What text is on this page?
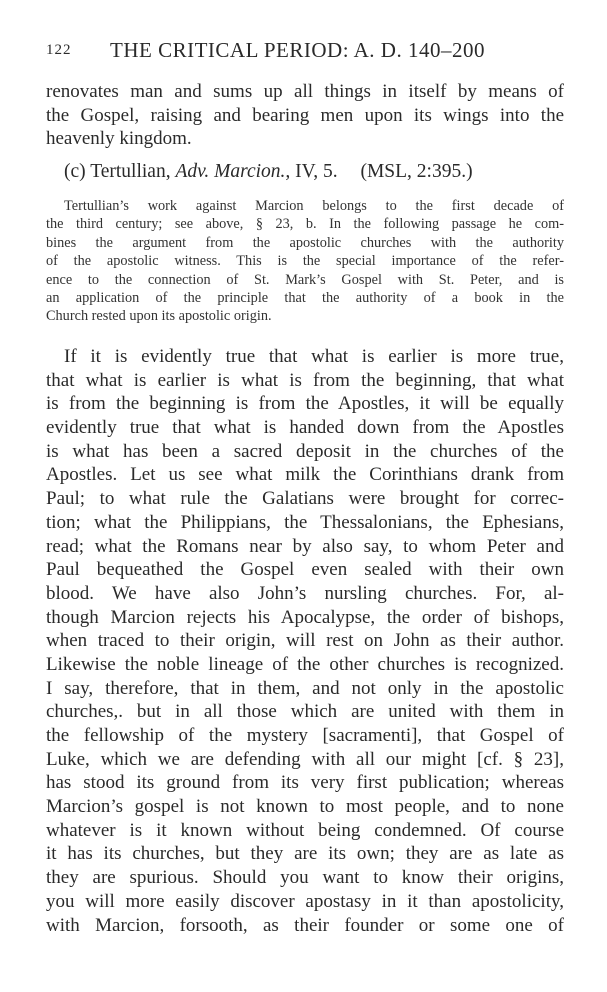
122 THE CRITICAL PERIOD: A. D. 140–200
renovates man and sums up all things in itself by means of
the Gospel, raising and bearing men upon its wings into the
heavenly kingdom.
(c) Tertullian, Adv. Marcion., IV, 5. (MSL, 2:395.)
Tertullian’s work against Marcion belongs to the first decade of
the third century; see above, § 23, b. In the following passage he com-
bines the argument from the apostolic churches with the authority
of the apostolic witness. This is the special importance of the refer-
ence to the connection of St. Mark’s Gospel with St. Peter, and is
an application of the principle that the authority of a book in the
Church rested upon its apostolic origin.
If it is evidently true that what is earlier is more true,
that what is earlier is what is from the beginning, that what
is from the beginning is from the Apostles, it will be equally
evidently true that what is handed down from the Apostles
is what has been a sacred deposit in the churches of the
Apostles. Let us see what milk the Corinthians drank from
Paul; to what rule the Galatians were brought for correc-
tion; what the Philippians, the Thessalonians, the Ephesians,
read; what the Romans near by also say, to whom Peter and
Paul bequeathed the Gospel even sealed with their own
blood. We have also John’s nursling churches. For, al-
though Marcion rejects his Apocalypse, the order of bishops,
when traced to their origin, will rest on John as their author.
Likewise the noble lineage of the other churches is recognized.
I say, therefore, that in them, and not only in the apostolic
churches,. but in all those which are united with them in
the fellowship of the mystery [sacramenti], that Gospel of
Luke, which we are defending with all our might [cf. § 23],
has stood its ground from its very first publication; whereas
Marcion’s gospel is not known to most people, and to none
whatever is it known without being condemned. Of course
it has its churches, but they are its own; they are as late as
they are spurious. Should you want to know their origins,
you will more easily discover apostasy in it than apostolicity,
with Marcion, forsooth, as their founder or some one of
